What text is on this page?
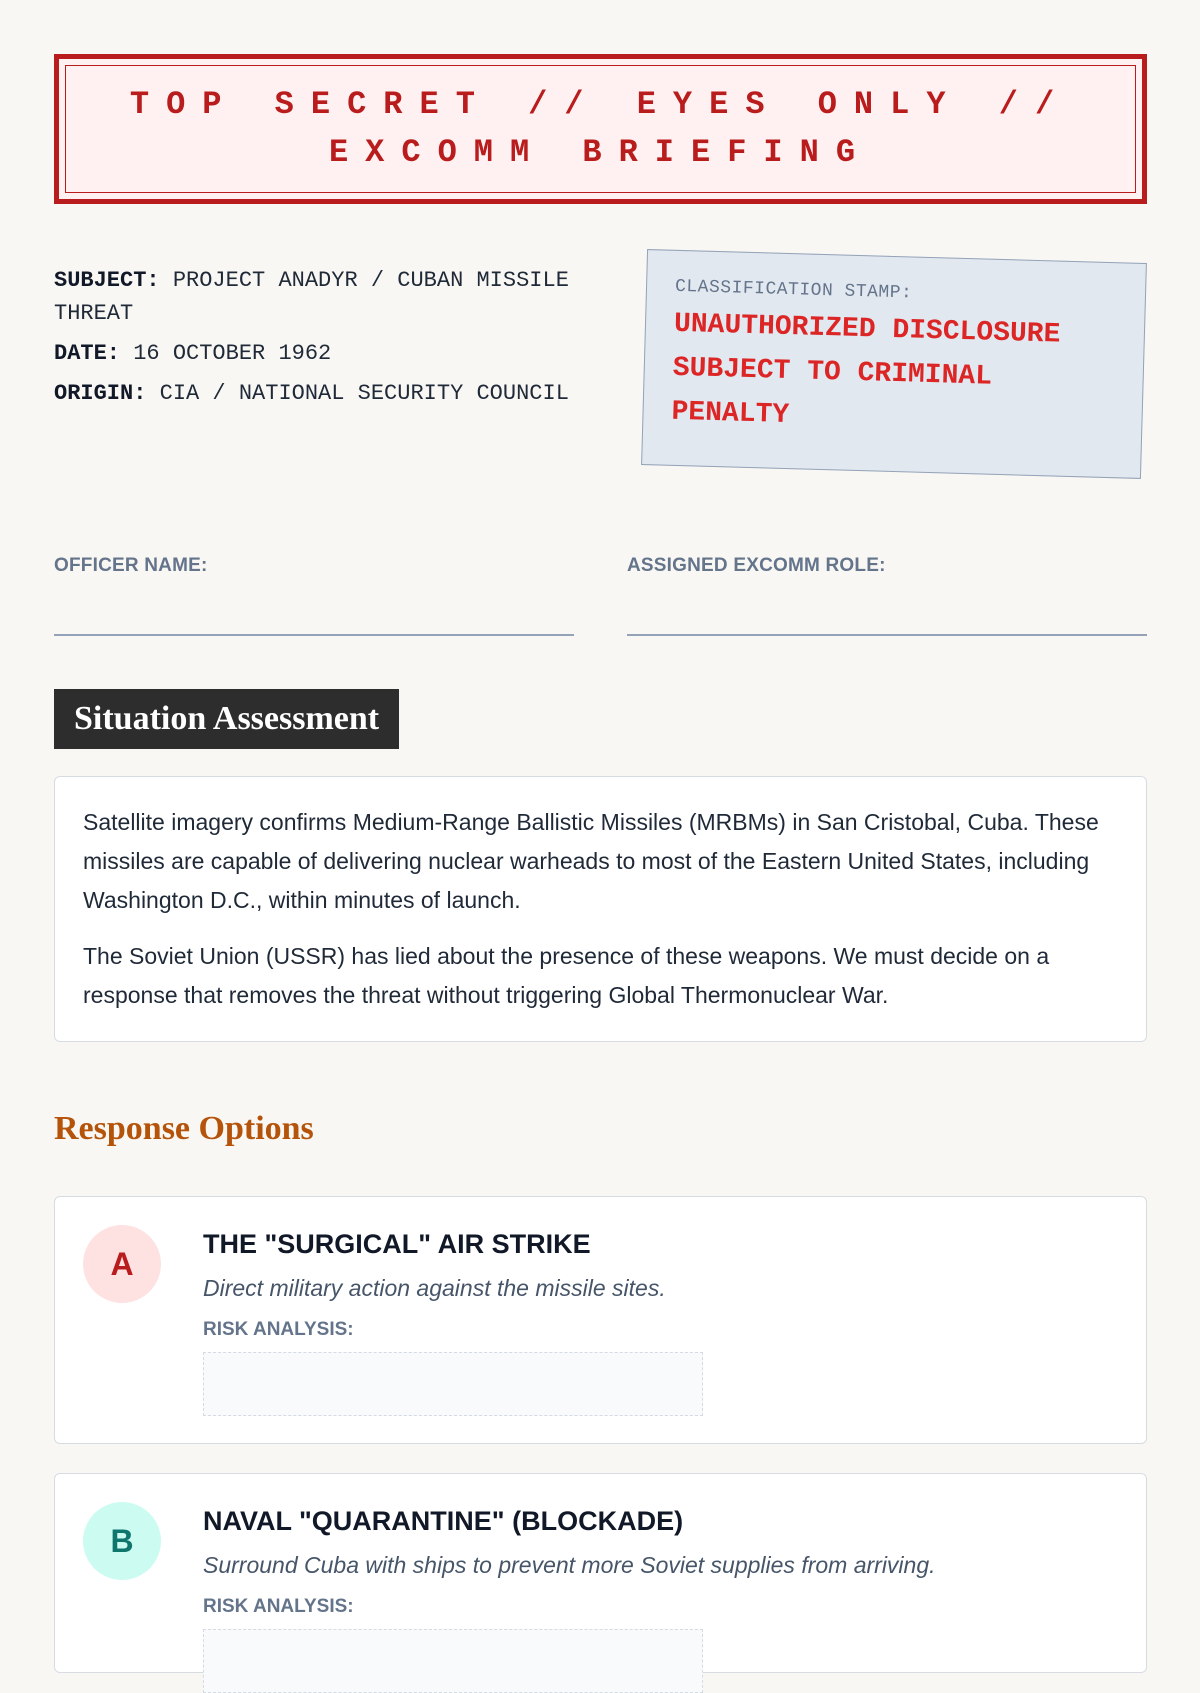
TOP SECRET // EYES ONLY //
EXCOMM BRIEFING
SUBJECT: PROJECT ANADYR / CUBAN MISSILE THREAT
DATE: 16 OCTOBER 1962
ORIGIN: CIA / NATIONAL SECURITY COUNCIL
CLASSIFICATION STAMP:
UNAUTHORIZED DISCLOSURE SUBJECT TO CRIMINAL PENALTY
OFFICER NAME:	ASSIGNED EXCOMM ROLE:
Situation Assessment

Satellite imagery confirms Medium-Range Ballistic Missiles (MRBMs) in San Cristobal, Cuba. These missiles are capable of delivering nuclear warheads to most of the Eastern United States, including Washington D.C., within minutes of launch.

The Soviet Union (USSR) has lied about the presence of these weapons. We must decide on a response that removes the threat without triggering Global Thermonuclear War.

Response Options
A
THE "SURGICAL" AIR STRIKE
Direct military action against the missile sites.
RISK ANALYSIS:
B
NAVAL "QUARANTINE" (BLOCKADE)
Surround Cuba with ships to prevent more Soviet supplies from arriving.
RISK ANALYSIS:
